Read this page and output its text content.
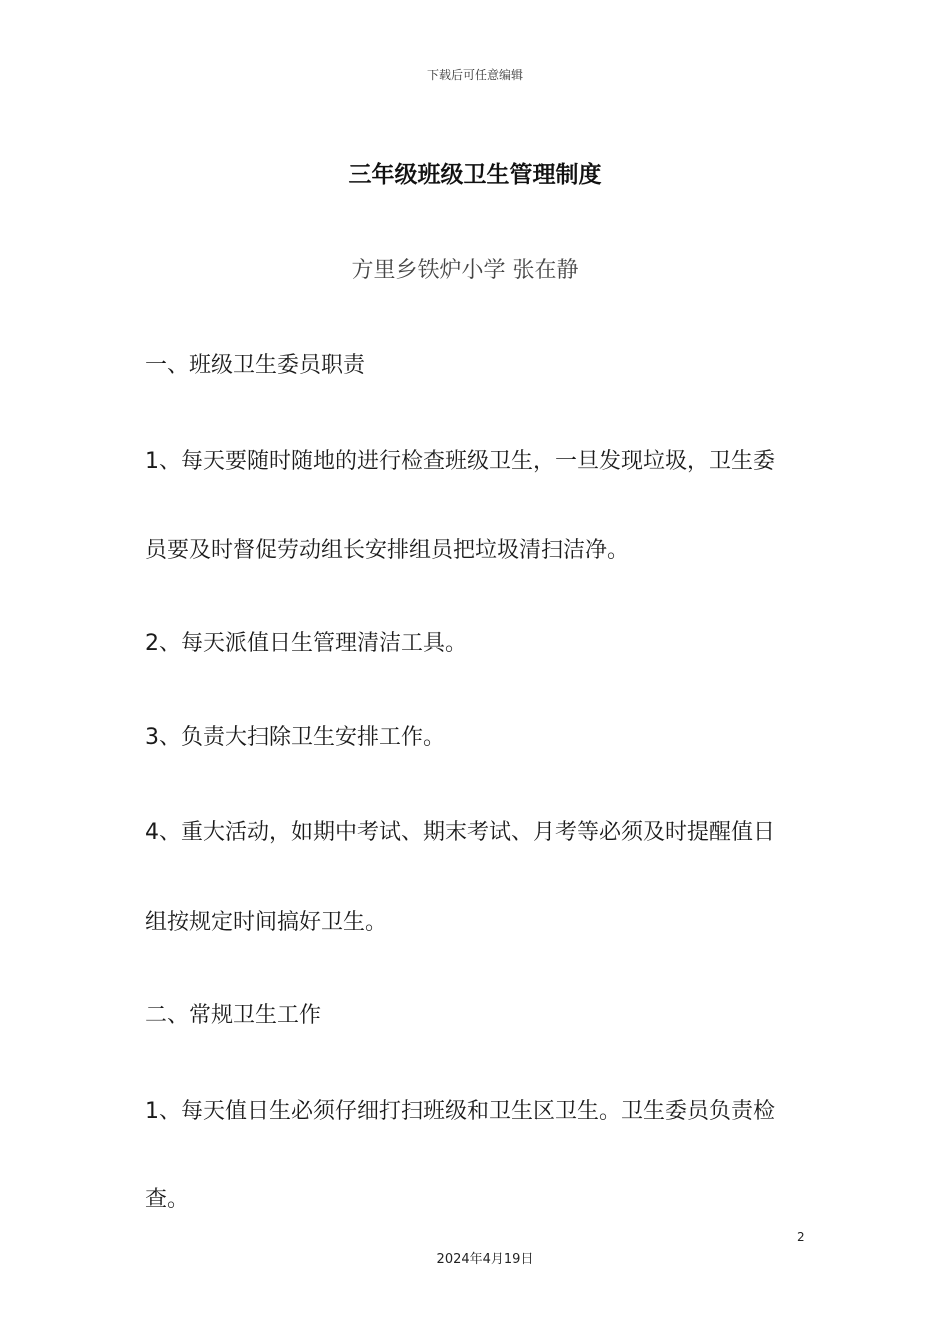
下载后可任意编辑
三年级班级卫生管理制度
方里乡铁炉小学 张在静
一、班级卫生委员职责
1、每天要随时随地的进行检查班级卫生，一旦发现垃圾，卫生委
员要及时督促劳动组长安排组员把垃圾清扫洁净。
2、每天派值日生管理清洁工具。
3、负责大扫除卫生安排工作。
4、重大活动，如期中考试、期末考试、月考等必须及时提醒值日
组按规定时间搞好卫生。
二、常规卫生工作
1、每天值日生必须仔细打扫班级和卫生区卫生。卫生委员负责检
查。
2
2024年4月19日
